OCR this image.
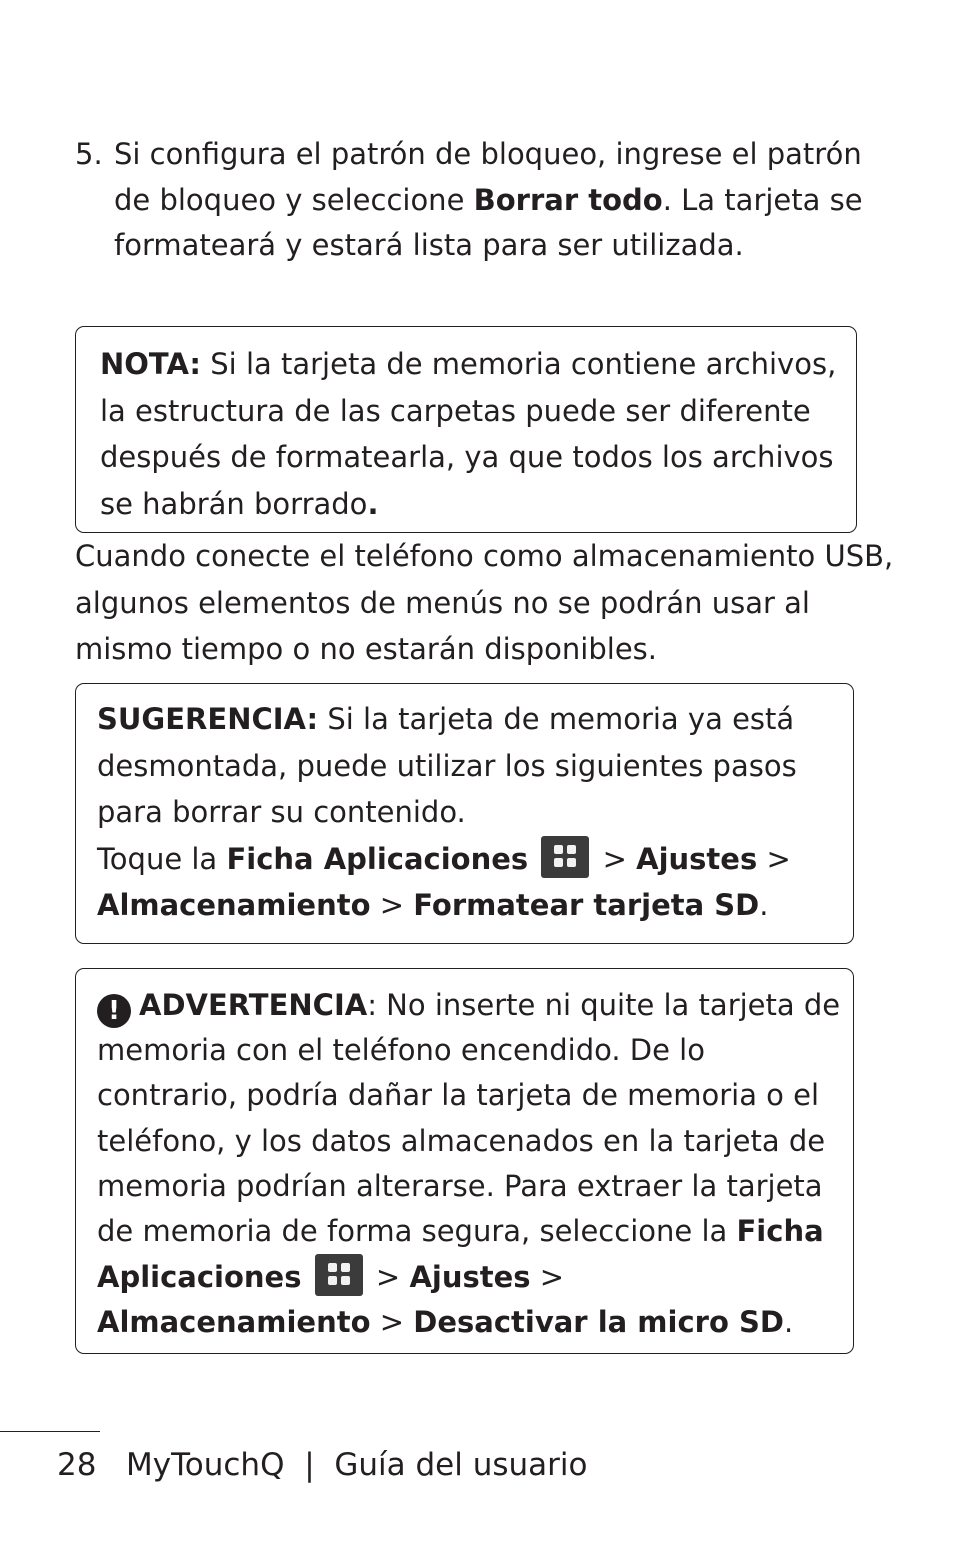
5. Si configura el patrón de bloqueo, ingrese el patrón de bloqueo y seleccione Borrar todo. La tarjeta se formateará y estará lista para ser utilizada.
NOTA: Si la tarjeta de memoria contiene archivos, la estructura de las carpetas puede ser diferente después de formatearla, ya que todos los archivos se habrán borrado.
Cuando conecte el teléfono como almacenamiento USB, algunos elementos de menús no se podrán usar al mismo tiempo o no estarán disponibles.
SUGERENCIA: Si la tarjeta de memoria ya está desmontada, puede utilizar los siguientes pasos para borrar su contenido.
Toque la Ficha Aplicaciones
> Ajustes >
Almacenamiento > Formatear tarjeta SD.
! ADVERTENCIA: No inserte ni quite la tarjeta de memoria con el teléfono encendido. De lo contrario, podría dañar la tarjeta de memoria o el teléfono, y los datos almacenados en la tarjeta de memoria podrían alterarse. Para extraer la tarjeta de memoria de forma segura, seleccione la Ficha Aplicaciones
> Ajustes >
Almacenamiento > Desactivar la micro SD.
28 MyTouchQ | Guía del usuario
